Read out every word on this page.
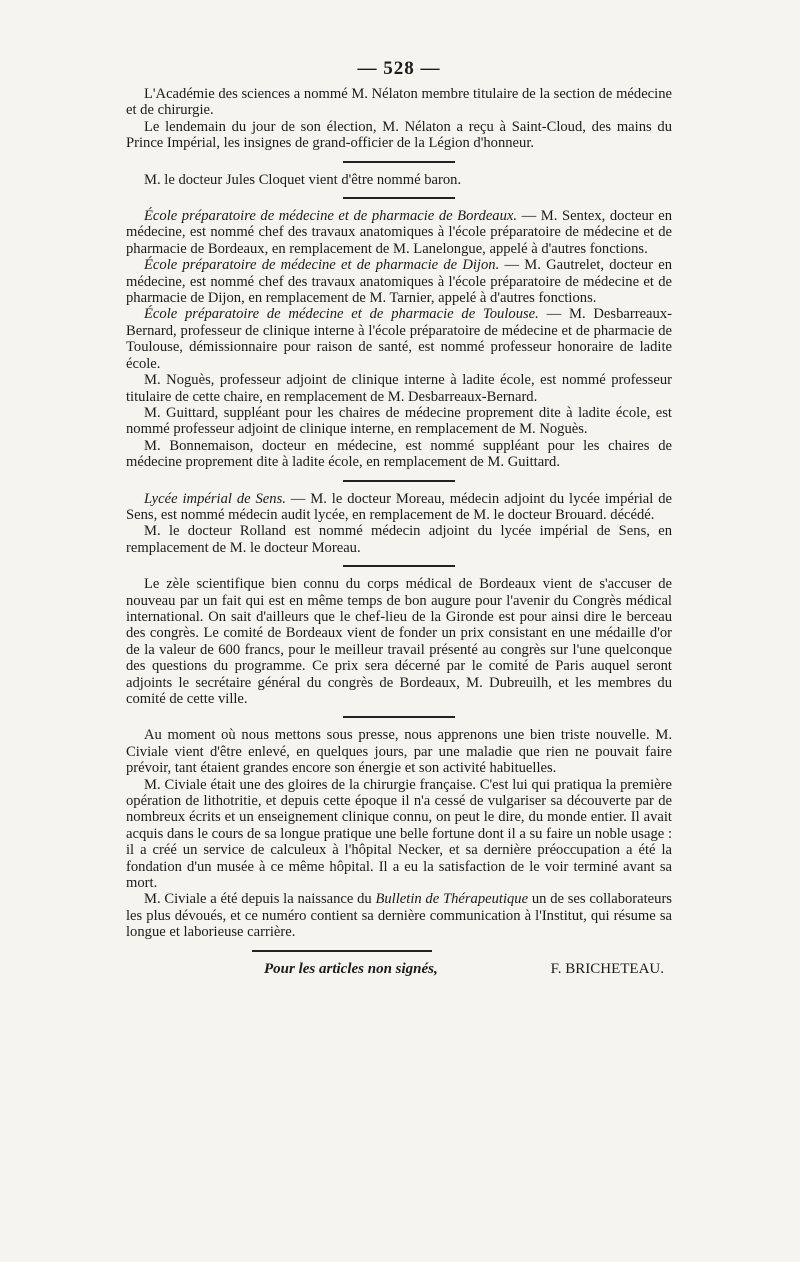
— 528 —

L'Académie des sciences a nommé M. Nélaton membre titulaire de la section de médecine et de chirurgie.

Le lendemain du jour de son élection, M. Nélaton a reçu à Saint-Cloud, des mains du Prince Impérial, les insignes de grand-officier de la Légion d'honneur.

M. le docteur Jules Cloquet vient d'être nommé baron.

École préparatoire de médecine et de pharmacie de Bordeaux. — M. Sentex, docteur en médecine, est nommé chef des travaux anatomiques à l'école préparatoire de médecine et de pharmacie de Bordeaux, en remplacement de M. Lanelongue, appelé à d'autres fonctions.

École préparatoire de médecine et de pharmacie de Dijon. — M. Gautrelet, docteur en médecine, est nommé chef des travaux anatomiques à l'école préparatoire de médecine et de pharmacie de Dijon, en remplacement de M. Tarnier, appelé à d'autres fonctions.

École préparatoire de médecine et de pharmacie de Toulouse. — M. Desbarreaux-Bernard, professeur de clinique interne à l'école préparatoire de médecine et de pharmacie de Toulouse, démissionnaire pour raison de santé, est nommé professeur honoraire de ladite école.

M. Noguès, professeur adjoint de clinique interne à ladite école, est nommé professeur titulaire de cette chaire, en remplacement de M. Desbarreaux-Bernard.

M. Guittard, suppléant pour les chaires de médecine proprement dite à ladite école, est nommé professeur adjoint de clinique interne, en remplacement de M. Noguès.

M. Bonnemaison, docteur en médecine, est nommé suppléant pour les chaires de médecine proprement dite à ladite école, en remplacement de M. Guittard.

Lycée impérial de Sens. — M. le docteur Moreau, médecin adjoint du lycée impérial de Sens, est nommé médecin audit lycée, en remplacement de M. le docteur Brouard. décédé.

M. le docteur Rolland est nommé médecin adjoint du lycée impérial de Sens, en remplacement de M. le docteur Moreau.

Le zèle scientifique bien connu du corps médical de Bordeaux vient de s'accuser de nouveau par un fait qui est en même temps de bon augure pour l'avenir du Congrès médical international. On sait d'ailleurs que le chef-lieu de la Gironde est pour ainsi dire le berceau des congrès. Le comité de Bordeaux vient de fonder un prix consistant en une médaille d'or de la valeur de 600 francs, pour le meilleur travail présenté au congrès sur l'une quelconque des questions du programme. Ce prix sera décerné par le comité de Paris auquel seront adjoints le secrétaire général du congrès de Bordeaux, M. Dubreuilh, et les membres du comité de cette ville.

Au moment où nous mettons sous presse, nous apprenons une bien triste nouvelle. M. Civiale vient d'être enlevé, en quelques jours, par une maladie que rien ne pouvait faire prévoir, tant étaient grandes encore son énergie et son activité habituelles.

M. Civiale était une des gloires de la chirurgie française. C'est lui qui pratiqua la première opération de lithotritie, et depuis cette époque il n'a cessé de vulgariser sa découverte par de nombreux écrits et un enseignement clinique connu, on peut le dire, du monde entier. Il avait acquis dans le cours de sa longue pratique une belle fortune dont il a su faire un noble usage : il a créé un service de calculeux à l'hôpital Necker, et sa dernière préoccupation a été la fondation d'un musée à ce même hôpital. Il a eu la satisfaction de le voir terminé avant sa mort.

M. Civiale a été depuis la naissance du Bulletin de Thérapeutique un de ses collaborateurs les plus dévoués, et ce numéro contient sa dernière communication à l'Institut, qui résume sa longue et laborieuse carrière.

Pour les articles non signés,	F. BRICHETEAU.
